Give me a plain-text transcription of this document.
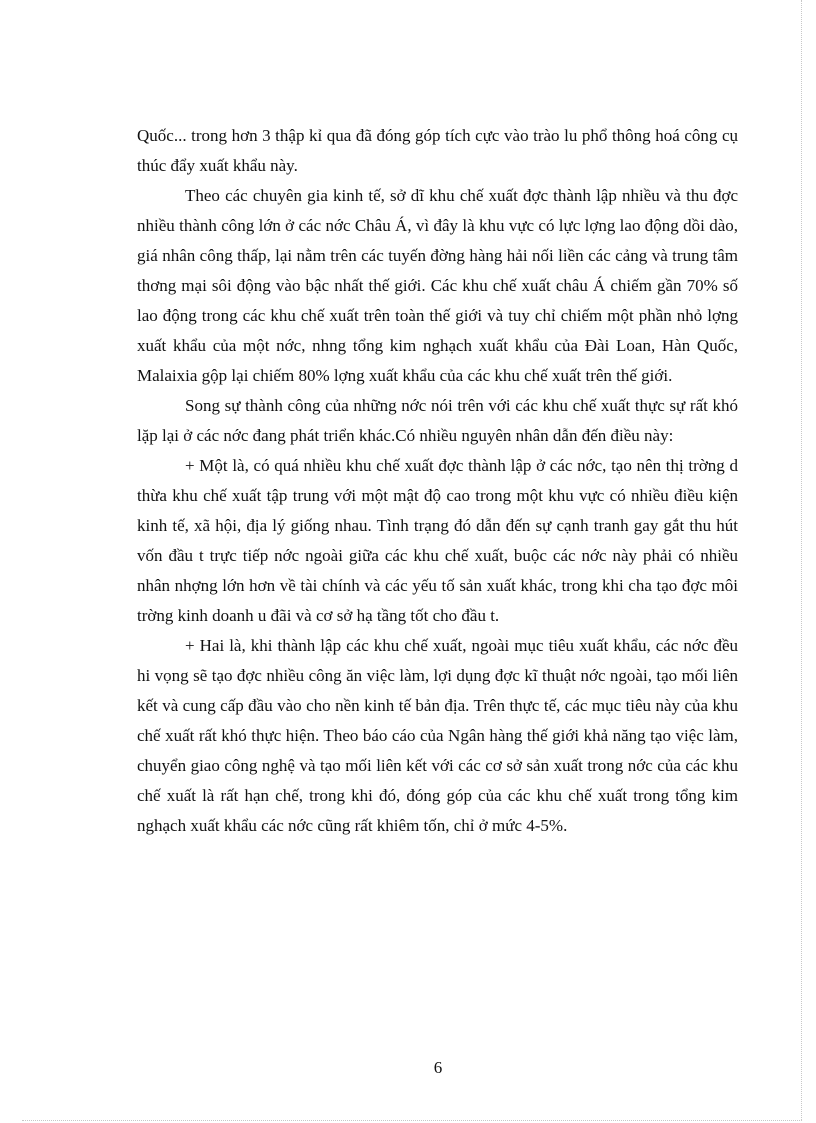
Quốc... trong hơn 3 thập kỉ qua đã đóng góp tích cực vào trào lu phổ thông hoá công cụ thúc đẩy xuất khẩu này.

Theo các chuyên gia kinh tế, sở dĩ khu chế xuất đợc thành lập nhiều và thu đợc nhiều thành công lớn ở các nớc Châu Á, vì đây là khu vực có lực lợng lao động dồi dào, giá nhân công thấp, lại nằm trên các tuyến đờng hàng hải nối liền các cảng và trung tâm thơng mại sôi động vào bậc nhất thế giới. Các khu chế xuất châu Á chiếm gần 70% số lao động trong các khu chế xuất trên toàn thế giới và tuy chỉ chiếm một phần nhỏ lợng xuất khẩu của một nớc, nhng tổng kim nghạch xuất khẩu của Đài Loan, Hàn Quốc, Malaixia gộp lại chiếm 80% lợng xuất khẩu của các khu chế xuất trên thế giới.

Song sự thành công của những nớc nói trên với các khu chế xuất thực sự rất khó lặp lại ở các nớc đang phát triển khác.Có nhiều nguyên nhân dẫn đến điều này:

+ Một là, có quá nhiều khu chế xuất đợc thành lập ở các nớc, tạo nên thị trờng d thừa khu chế xuất tập trung với một mật độ cao trong một khu vực có nhiều điều kiện kinh tế, xã hội, địa lý giống nhau. Tình trạng đó dẫn đến sự cạnh tranh gay gắt thu hút vốn đầu t trực tiếp nớc ngoài giữa các khu chế xuất, buộc các nớc này phải có nhiều nhân nhợng lớn hơn về tài chính và các yếu tố sản xuất khác, trong khi cha tạo đợc môi trờng kinh doanh u đãi và cơ sở hạ tầng tốt cho đầu t.

+ Hai là, khi thành lập các khu chế xuất, ngoài mục tiêu xuất khẩu, các nớc đều hi vọng sẽ tạo đợc nhiều công ăn việc làm, lợi dụng đợc kĩ thuật nớc ngoài, tạo mối liên kết và cung cấp đầu vào cho nền kinh tế bản địa. Trên thực tế, các mục tiêu này của khu chế xuất rất khó thực hiện. Theo báo cáo của Ngân hàng thế giới khả năng tạo việc làm, chuyển giao công nghệ và tạo mối liên kết với các cơ sở sản xuất trong nớc của các khu chế xuất là rất hạn chế, trong khi đó, đóng góp của các khu chế xuất trong tổng kim nghạch xuất khẩu các nớc cũng rất khiêm tốn, chỉ ở mức 4-5%.

6
